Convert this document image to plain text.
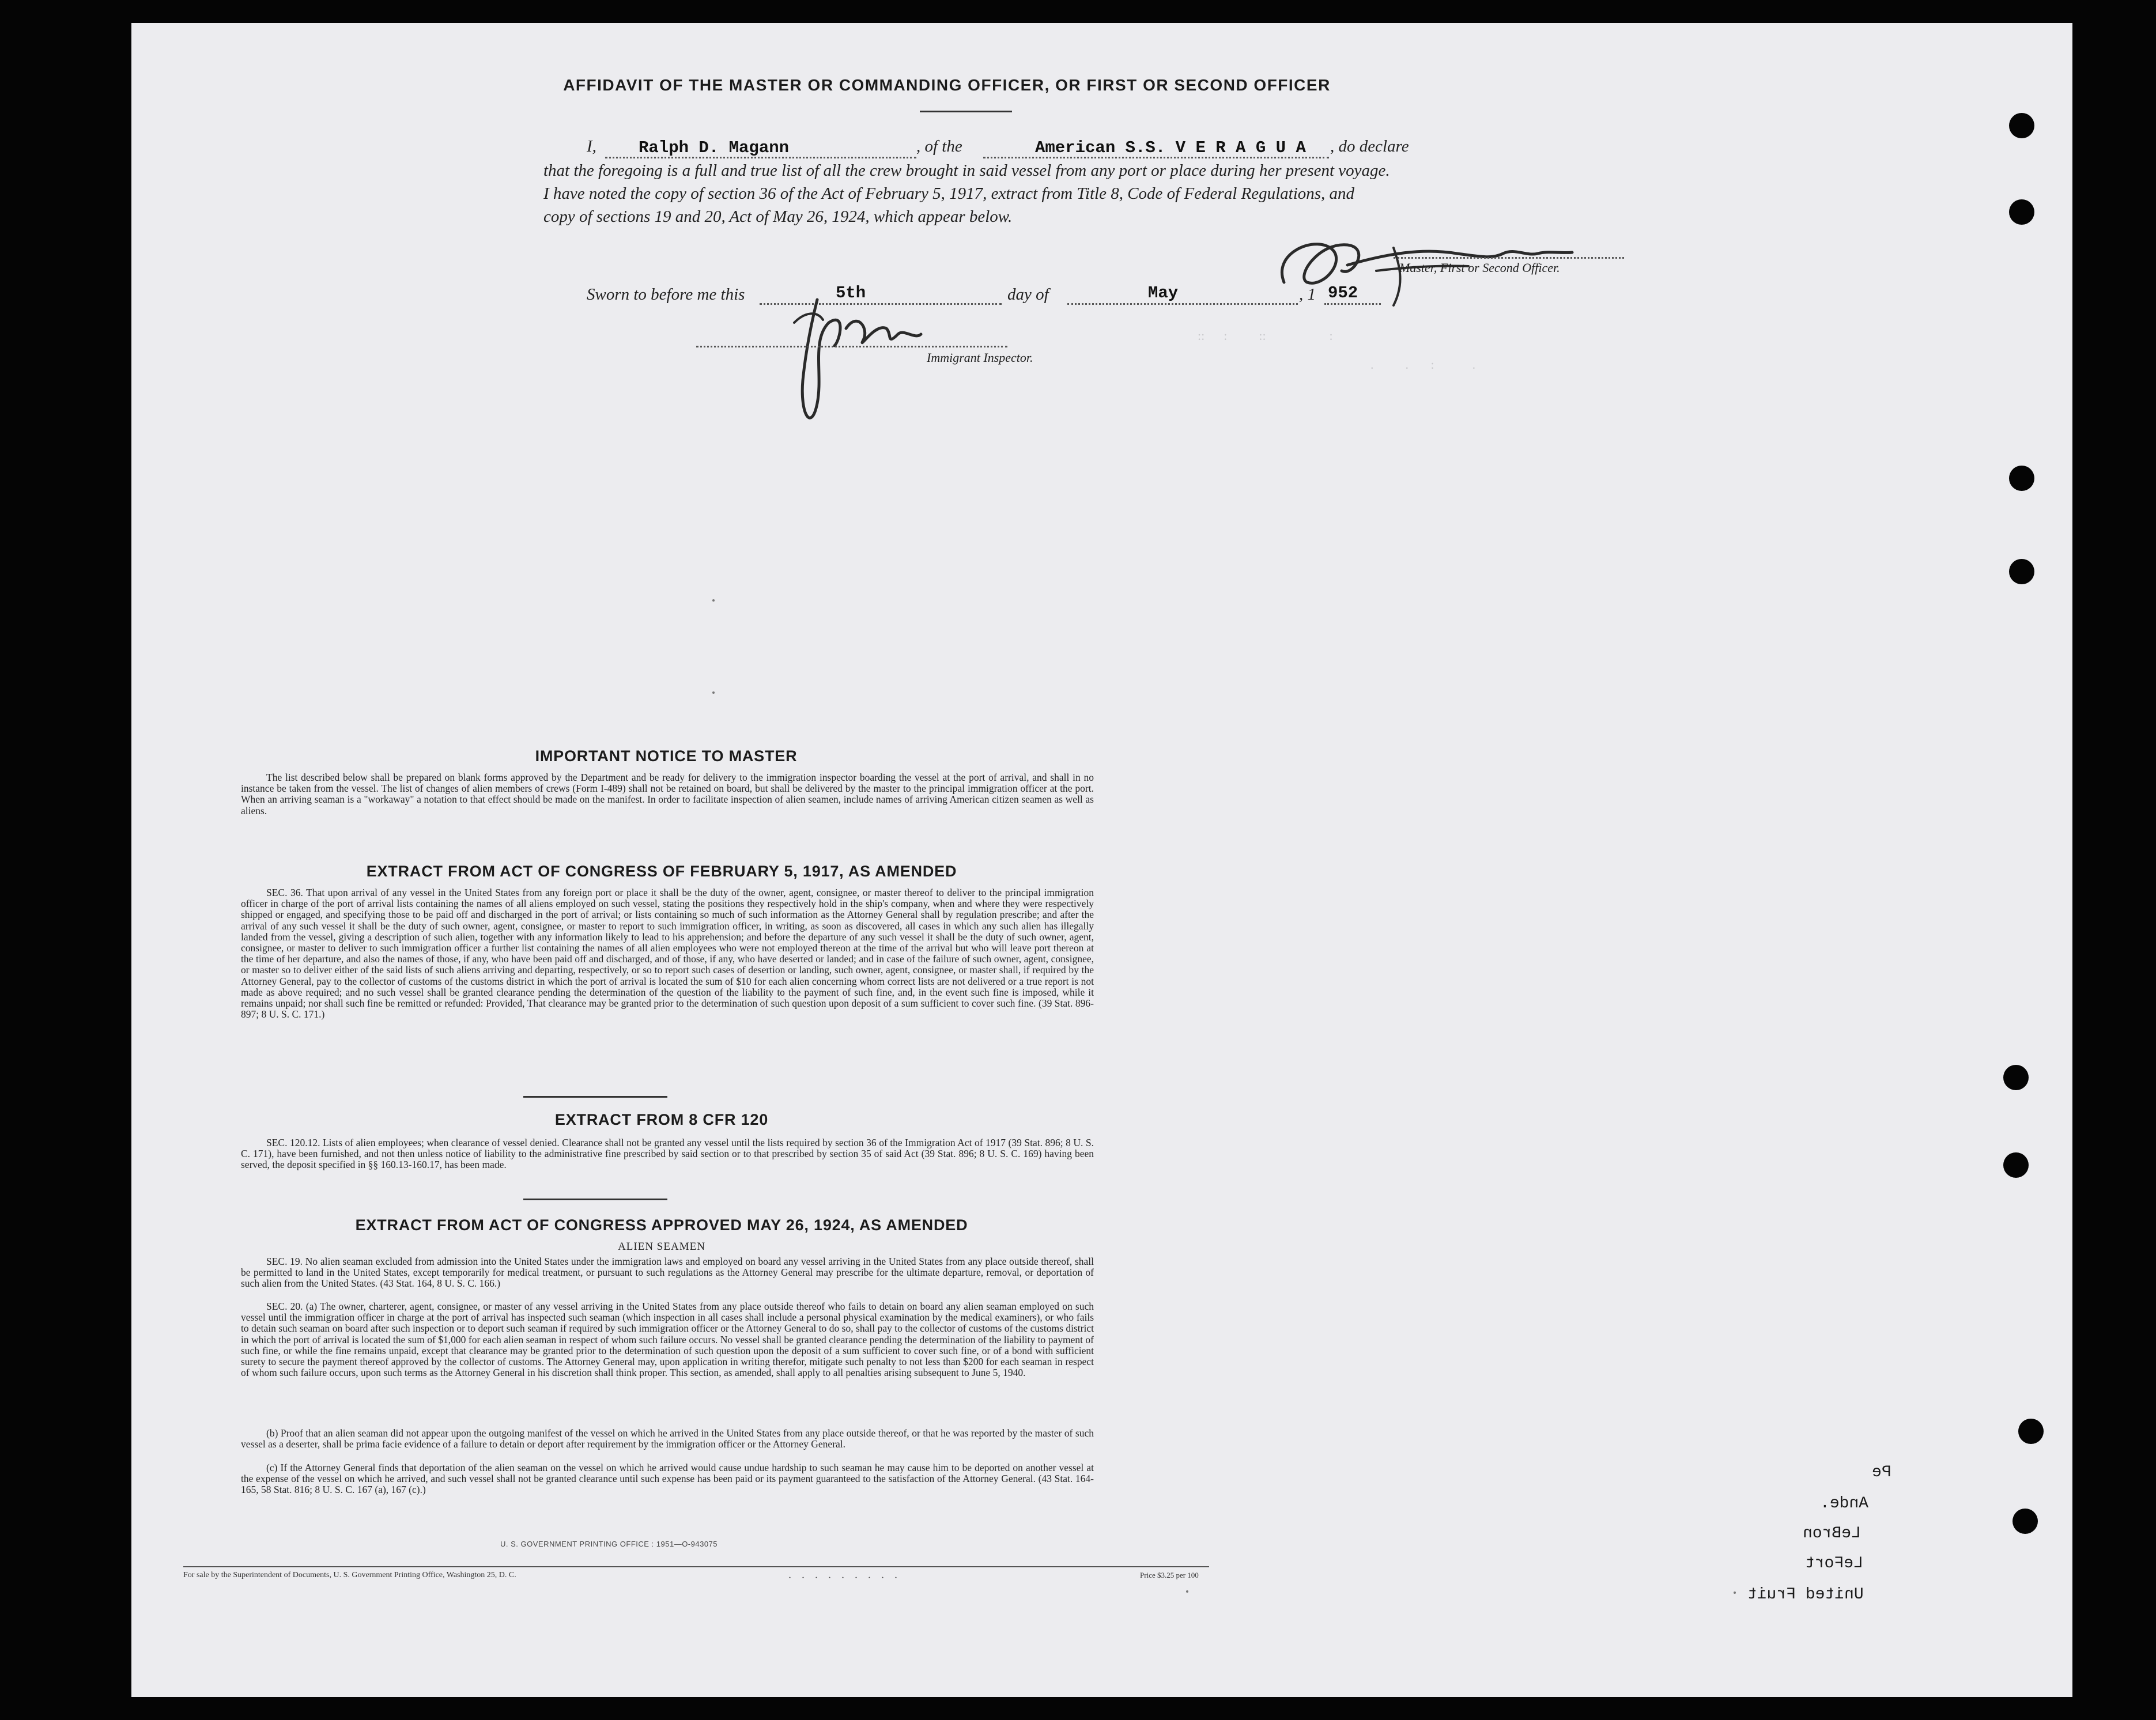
::      :          ::                    :
.          .       :            .
AFFIDAVIT OF THE MASTER OR COMMANDING OFFICER, OR FIRST OR SECOND OFFICER
I,	Ralph D. Magann	, of the	American S.S. V E R A G U A , do declare
that the foregoing is a full and true list of all the crew brought in said vessel from any port or place during her present voyage.
I have noted the copy of section 36 of the Act of February 5, 1917, extract from Title 8, Code of Federal Regulations, and
copy of sections 19 and 20, Act of May 26, 1924, which appear below.
Master, First or Second Officer.
Sworn to before me this	5th	day of	May	, 1 952
Immigrant Inspector.
IMPORTANT NOTICE TO MASTER
The list described below shall be prepared on blank forms approved by the Department and be ready for delivery to the immigration inspector boarding the vessel at the port of arrival, and shall in no instance be taken from the vessel. The list of changes of alien members of crews (Form I-489) shall not be retained on board, but shall be delivered by the master to the principal immigration officer at the port. When an arriving seaman is a "workaway" a notation to that effect should be made on the manifest. In order to facilitate inspection of alien seamen, include names of arriving American citizen seamen as well as aliens.
EXTRACT FROM ACT OF CONGRESS OF FEBRUARY 5, 1917, AS AMENDED
SEC. 36. That upon arrival of any vessel in the United States from any foreign port or place it shall be the duty of the owner, agent, consignee, or master thereof to deliver to the principal immigration officer in charge of the port of arrival lists containing the names of all aliens employed on such vessel, stating the positions they respectively hold in the ship's company, when and where they were respectively shipped or engaged, and specifying those to be paid off and discharged in the port of arrival; or lists containing so much of such information as the Attorney General shall by regulation prescribe; and after the arrival of any such vessel it shall be the duty of such owner, agent, consignee, or master to report to such immigration officer, in writing, as soon as discovered, all cases in which any such alien has illegally landed from the vessel, giving a description of such alien, together with any information likely to lead to his apprehension; and before the departure of any such vessel it shall be the duty of such owner, agent, consignee, or master to deliver to such immigration officer a further list containing the names of all alien employees who were not employed thereon at the time of the arrival but who will leave port thereon at the time of her departure, and also the names of those, if any, who have been paid off and discharged, and of those, if any, who have deserted or landed; and in case of the failure of such owner, agent, consignee, or master so to deliver either of the said lists of such aliens arriving and departing, respectively, or so to report such cases of desertion or landing, such owner, agent, consignee, or master shall, if required by the Attorney General, pay to the collector of customs of the customs district in which the port of arrival is located the sum of $10 for each alien concerning whom correct lists are not delivered or a true report is not made as above required; and no such vessel shall be granted clearance pending the determination of the question of the liability to the payment of such fine, and, in the event such fine is imposed, while it remains unpaid; nor shall such fine be remitted or refunded: Provided, That clearance may be granted prior to the determination of such question upon deposit of a sum sufficient to cover such fine. (39 Stat. 896-897; 8 U. S. C. 171.)
EXTRACT FROM 8 CFR 120
SEC. 120.12. Lists of alien employees; when clearance of vessel denied. Clearance shall not be granted any vessel until the lists required by section 36 of the Immigration Act of 1917 (39 Stat. 896; 8 U. S. C. 171), have been furnished, and not then unless notice of liability to the administrative fine prescribed by said section or to that prescribed by section 35 of said Act (39 Stat. 896; 8 U. S. C. 169) having been served, the deposit specified in §§ 160.13-160.17, has been made.
EXTRACT FROM ACT OF CONGRESS APPROVED MAY 26, 1924, AS AMENDED
ALIEN SEAMEN
SEC. 19. No alien seaman excluded from admission into the United States under the immigration laws and employed on board any vessel arriving in the United States from any place outside thereof, shall be permitted to land in the United States, except temporarily for medical treatment, or pursuant to such regulations as the Attorney General may prescribe for the ultimate departure, removal, or deportation of such alien from the United States. (43 Stat. 164, 8 U. S. C. 166.)
SEC. 20. (a) The owner, charterer, agent, consignee, or master of any vessel arriving in the United States from any place outside thereof who fails to detain on board any alien seaman employed on such vessel until the immigration officer in charge at the port of arrival has inspected such seaman (which inspection in all cases shall include a personal physical examination by the medical examiners), or who fails to detain such seaman on board after such inspection or to deport such seaman if required by such immigration officer or the Attorney General to do so, shall pay to the collector of customs of the customs district in which the port of arrival is located the sum of $1,000 for each alien seaman in respect of whom such failure occurs. No vessel shall be granted clearance pending the determination of the liability to payment of such fine, or while the fine remains unpaid, except that clearance may be granted prior to the determination of such question upon the deposit of a sum sufficient to cover such fine, or of a bond with sufficient surety to secure the payment thereof approved by the collector of customs. The Attorney General may, upon application in writing therefor, mitigate such penalty to not less than $200 for each seaman in respect of whom such failure occurs, upon such terms as the Attorney General in his discretion shall think proper. This section, as amended, shall apply to all penalties arising subsequent to June 5, 1940.
(b) Proof that an alien seaman did not appear upon the outgoing manifest of the vessel on which he arrived in the United States from any place outside thereof, or that he was reported by the master of such vessel as a deserter, shall be prima facie evidence of a failure to detain or deport after requirement by the immigration officer or the Attorney General.
(c) If the Attorney General finds that deportation of the alien seaman on the vessel on which he arrived would cause undue hardship to such seaman he may cause him to be deported on another vessel at the expense of the vessel on which he arrived, and such vessel shall not be granted clearance until such expense has been paid or its payment guaranteed to the satisfaction of the Attorney General. (43 Stat. 164-165, 58 Stat. 816; 8 U. S. C. 167 (a), 167 (c).)
U. S. GOVERNMENT PRINTING OFFICE : 1951—O-943075
For sale by the Superintendent of Documents, U. S. Government Printing Office, Washington 25, D. C.	.........	Price $3.25 per 100
Pe
Ande.
LeBron
LeFort
United Fruit
